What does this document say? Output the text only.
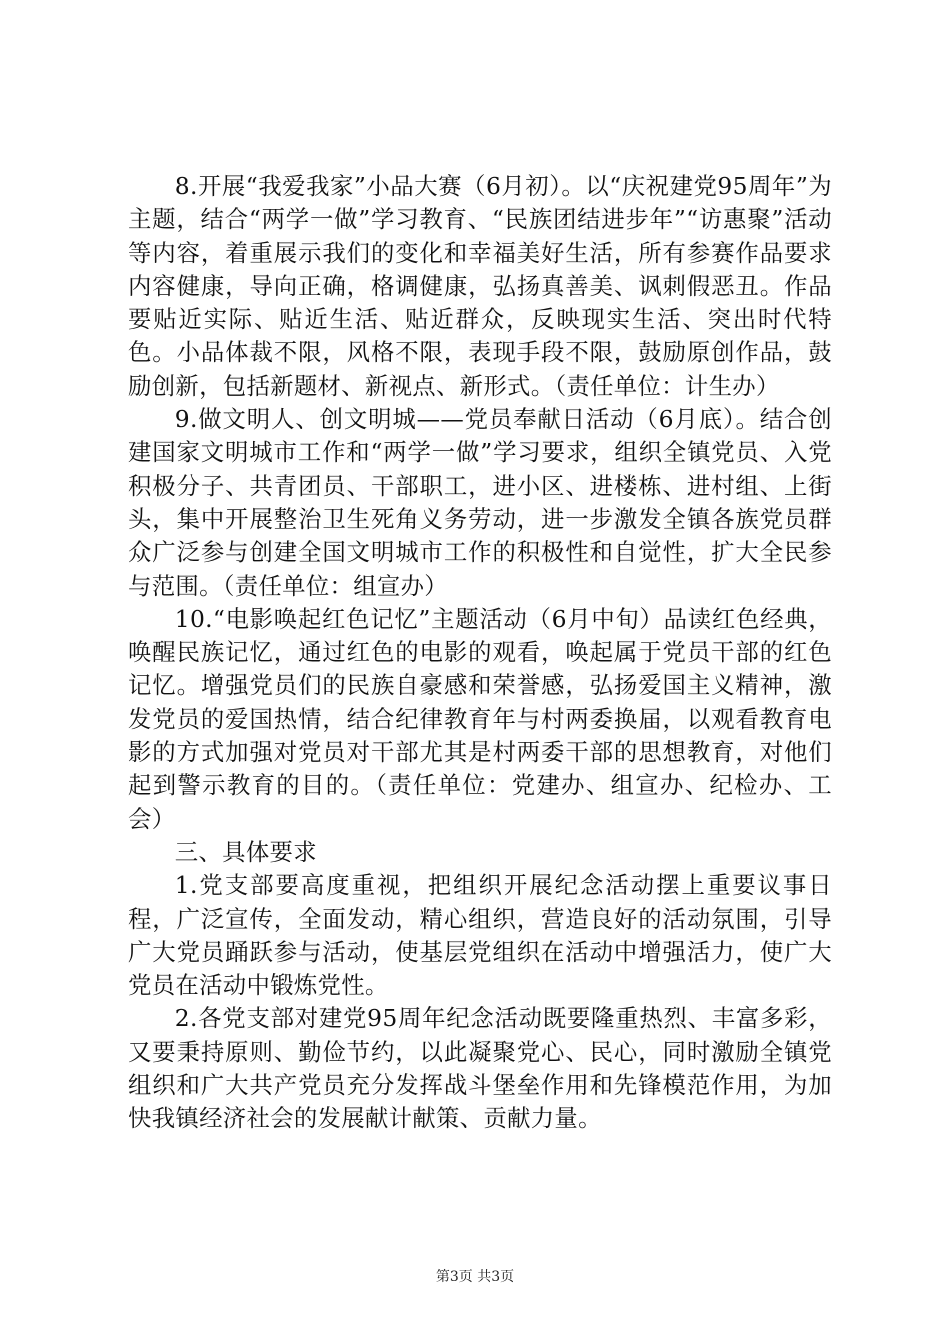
8.开展“我爱我家”小品大赛（6月初）。以“庆祝建党95周年”为主题，结合“两学一做”学习教育、“民族团结进步年”“访惠聚”活动等内容，着重展示我们的变化和幸福美好生活，所有参赛作品要求内容健康，导向正确，格调健康，弘扬真善美、讽刺假恶丑。作品要贴近实际、贴近生活、贴近群众，反映现实生活、突出时代特色。小品体裁不限，风格不限，表现手段不限，鼓励原创作品，鼓励创新，包括新题材、新视点、新形式。（责任单位：计生办）

9.做文明人、创文明城——党员奉献日活动（6月底）。结合创建国家文明城市工作和“两学一做”学习要求，组织全镇党员、入党积极分子、共青团员、干部职工，进小区、进楼栋、进村组、上街头，集中开展整治卫生死角义务劳动，进一步激发全镇各族党员群众广泛参与创建全国文明城市工作的积极性和自觉性，扩大全民参与范围。（责任单位：组宣办）

10.“电影唤起红色记忆”主题活动（6月中旬）品读红色经典，唤醒民族记忆，通过红色的电影的观看，唤起属于党员干部的红色记忆。增强党员们的民族自豪感和荣誉感，弘扬爱国主义精神，激发党员的爱国热情，结合纪律教育年与村两委换届，以观看教育电影的方式加强对党员对干部尤其是村两委干部的思想教育，对他们起到警示教育的目的。（责任单位：党建办、组宣办、纪检办、工会）

三、具体要求

1.党支部要高度重视，把组织开展纪念活动摆上重要议事日程，广泛宣传，全面发动，精心组织，营造良好的活动氛围，引导广大党员踊跃参与活动，使基层党组织在活动中增强活力，使广大党员在活动中锻炼党性。

2.各党支部对建党95周年纪念活动既要隆重热烈、丰富多彩，又要秉持原则、勤俭节约，以此凝聚党心、民心，同时激励全镇党组织和广大共产党员充分发挥战斗堡垒作用和先锋模范作用，为加快我镇经济社会的发展献计献策、贡献力量。

第3页 共3页
